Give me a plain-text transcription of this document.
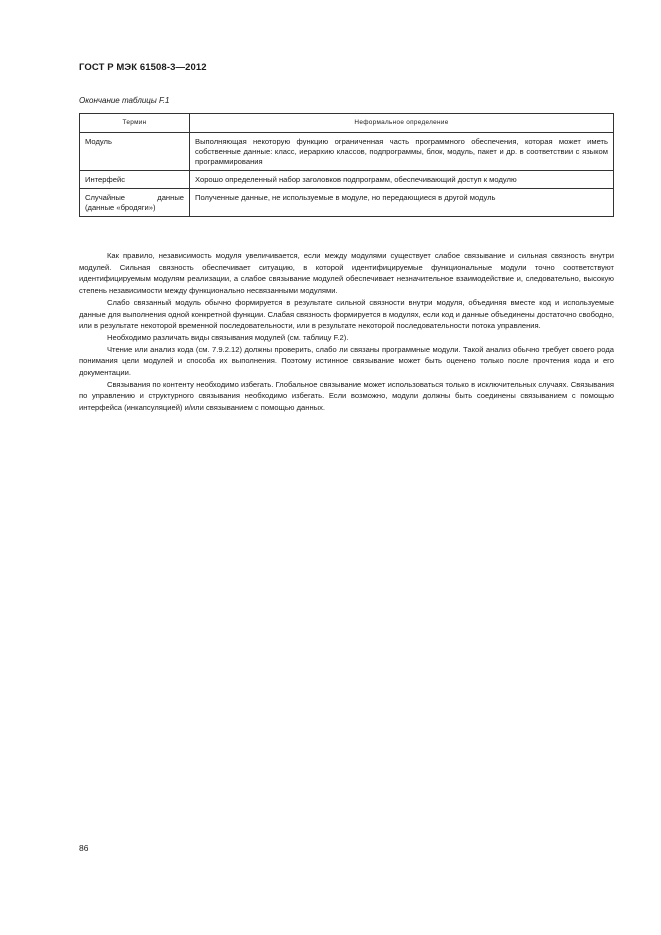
ГОСТ Р МЭК 61508-3—2012
Окончание таблицы F.1
Термин	Неформальное определение
Модуль	Выполняющая некоторую функцию ограниченная часть программного обеспечения, которая может иметь собственные данные: класс, иерархию классов, подпрограммы, блок, модуль, пакет и др. в соответствии с языком программирования
Интерфейс	Хорошо определенный набор заголовков подпрограмм, обеспечивающий доступ к модулю
Случайные данные (данные «бродяги»)	Полученные данные, не используемые в модуле, но передающиеся в другой модуль

Как правило, независимость модуля увеличивается, если между модулями существует слабое связывание и сильная связность внутри модулей. Сильная связность обеспечивает ситуацию, в которой идентифицируемые функциональные модули точно соответствуют идентифицируемым модулям реализации, а слабое связывание модулей обеспечивает незначительное взаимодействие и, следовательно, высокую степень независимости между функционально несвязанными модулями.

Слабо связанный модуль обычно формируется в результате сильной связности внутри модуля, объединяя вместе код и используемые данные для выполнения одной конкретной функции. Слабая связность формируется в модулях, если код и данные объединены достаточно свободно, или в результате некоторой временной последовательности, или в результате некоторой последовательности потока управления.

Необходимо различать виды связывания модулей (см. таблицу F.2).

Чтение или анализ кода (см. 7.9.2.12) должны проверить, слабо ли связаны программные модули. Такой анализ обычно требует своего рода понимания цели модулей и способа их выполнения. Поэтому истинное связывание может быть оценено только после прочтения кода и его документации.

Связывания по контенту необходимо избегать. Глобальное связывание может использоваться только в исключительных случаях. Связывания по управлению и структурного связывания необходимо избегать. Если возможно, модули должны быть соединены связыванием с помощью интерфейса (инкапсуляцией) и/или связыванием с помощью данных.

86
